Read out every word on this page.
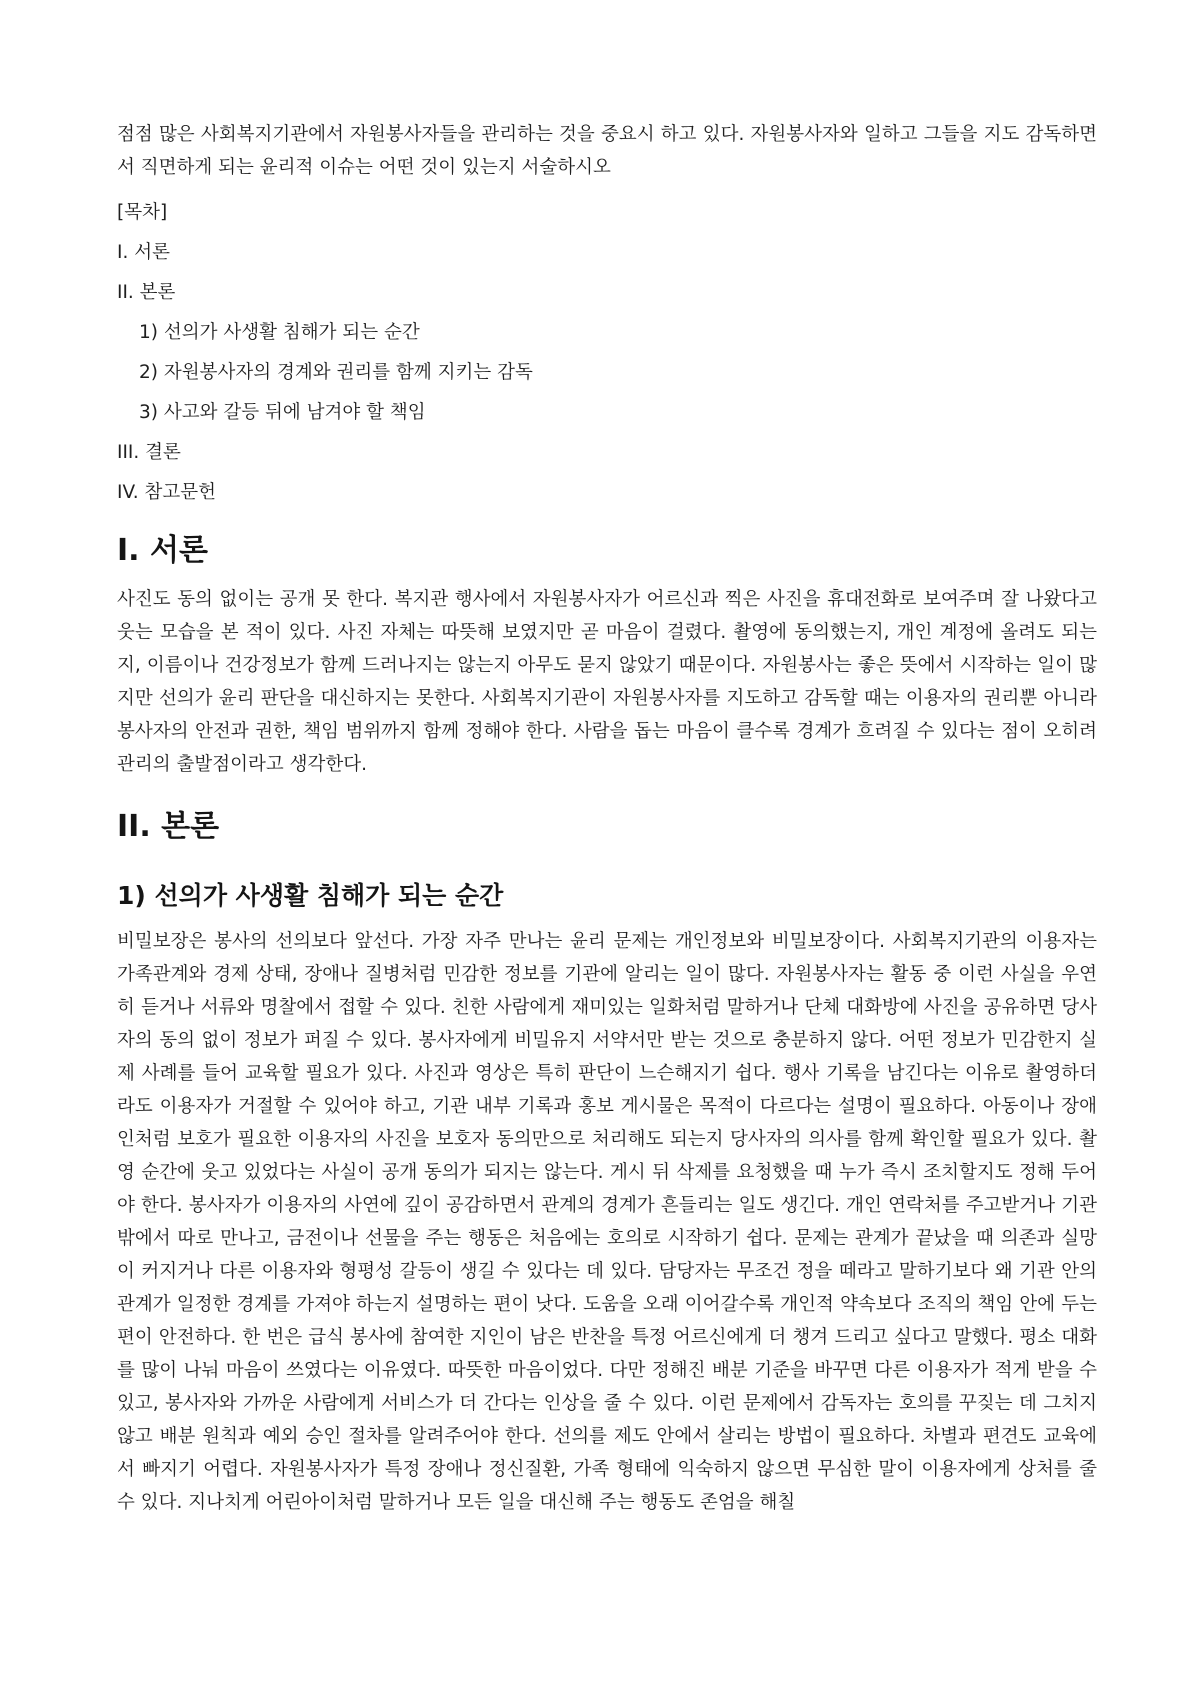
점점 많은 사회복지기관에서 자원봉사자들을 관리하는 것을 중요시 하고 있다. 자원봉사자와 일하고 그들을 지도 감독하면서 직면하게 되는 윤리적 이슈는 어떤 것이 있는지 서술하시오

[목차]

I. 서론
II. 본론
1) 선의가 사생활 침해가 되는 순간
2) 자원봉사자의 경계와 권리를 함께 지키는 감독
3) 사고와 갈등 뒤에 남겨야 할 책임
III. 결론
IV. 참고문헌
I. 서론

사진도 동의 없이는 공개 못 한다. 복지관 행사에서 자원봉사자가 어르신과 찍은 사진을 휴대전화로 보여주며 잘 나왔다고 웃는 모습을 본 적이 있다. 사진 자체는 따뜻해 보였지만 곧 마음이 걸렸다. 촬영에 동의했는지, 개인 계정에 올려도 되는지, 이름이나 건강정보가 함께 드러나지는 않는지 아무도 묻지 않았기 때문이다. 자원봉사는 좋은 뜻에서 시작하는 일이 많지만 선의가 윤리 판단을 대신하지는 못한다. 사회복지기관이 자원봉사자를 지도하고 감독할 때는 이용자의 권리뿐 아니라 봉사자의 안전과 권한, 책임 범위까지 함께 정해야 한다. 사람을 돕는 마음이 클수록 경계가 흐려질 수 있다는 점이 오히려 관리의 출발점이라고 생각한다.

II. 본론
1) 선의가 사생활 침해가 되는 순간

비밀보장은 봉사의 선의보다 앞선다. 가장 자주 만나는 윤리 문제는 개인정보와 비밀보장이다. 사회복지기관의 이용자는 가족관계와 경제 상태, 장애나 질병처럼 민감한 정보를 기관에 알리는 일이 많다. 자원봉사자는 활동 중 이런 사실을 우연히 듣거나 서류와 명찰에서 접할 수 있다. 친한 사람에게 재미있는 일화처럼 말하거나 단체 대화방에 사진을 공유하면 당사자의 동의 없이 정보가 퍼질 수 있다. 봉사자에게 비밀유지 서약서만 받는 것으로 충분하지 않다. 어떤 정보가 민감한지 실제 사례를 들어 교육할 필요가 있다. 사진과 영상은 특히 판단이 느슨해지기 쉽다. 행사 기록을 남긴다는 이유로 촬영하더라도 이용자가 거절할 수 있어야 하고, 기관 내부 기록과 홍보 게시물은 목적이 다르다는 설명이 필요하다. 아동이나 장애인처럼 보호가 필요한 이용자의 사진을 보호자 동의만으로 처리해도 되는지 당사자의 의사를 함께 확인할 필요가 있다. 촬영 순간에 웃고 있었다는 사실이 공개 동의가 되지는 않는다. 게시 뒤 삭제를 요청했을 때 누가 즉시 조치할지도 정해 두어야 한다. 봉사자가 이용자의 사연에 깊이 공감하면서 관계의 경계가 흔들리는 일도 생긴다. 개인 연락처를 주고받거나 기관 밖에서 따로 만나고, 금전이나 선물을 주는 행동은 처음에는 호의로 시작하기 쉽다. 문제는 관계가 끝났을 때 의존과 실망이 커지거나 다른 이용자와 형평성 갈등이 생길 수 있다는 데 있다. 담당자는 무조건 정을 떼라고 말하기보다 왜 기관 안의 관계가 일정한 경계를 가져야 하는지 설명하는 편이 낫다. 도움을 오래 이어갈수록 개인적 약속보다 조직의 책임 안에 두는 편이 안전하다. 한 번은 급식 봉사에 참여한 지인이 남은 반찬을 특정 어르신에게 더 챙겨 드리고 싶다고 말했다. 평소 대화를 많이 나눠 마음이 쓰였다는 이유였다. 따뜻한 마음이었다. 다만 정해진 배분 기준을 바꾸면 다른 이용자가 적게 받을 수 있고, 봉사자와 가까운 사람에게 서비스가 더 간다는 인상을 줄 수 있다. 이런 문제에서 감독자는 호의를 꾸짖는 데 그치지 않고 배분 원칙과 예외 승인 절차를 알려주어야 한다. 선의를 제도 안에서 살리는 방법이 필요하다. 차별과 편견도 교육에서 빠지기 어렵다. 자원봉사자가 특정 장애나 정신질환, 가족 형태에 익숙하지 않으면 무심한 말이 이용자에게 상처를 줄 수 있다. 지나치게 어린아이처럼 말하거나 모든 일을 대신해 주는 행동도 존엄을 해칠
